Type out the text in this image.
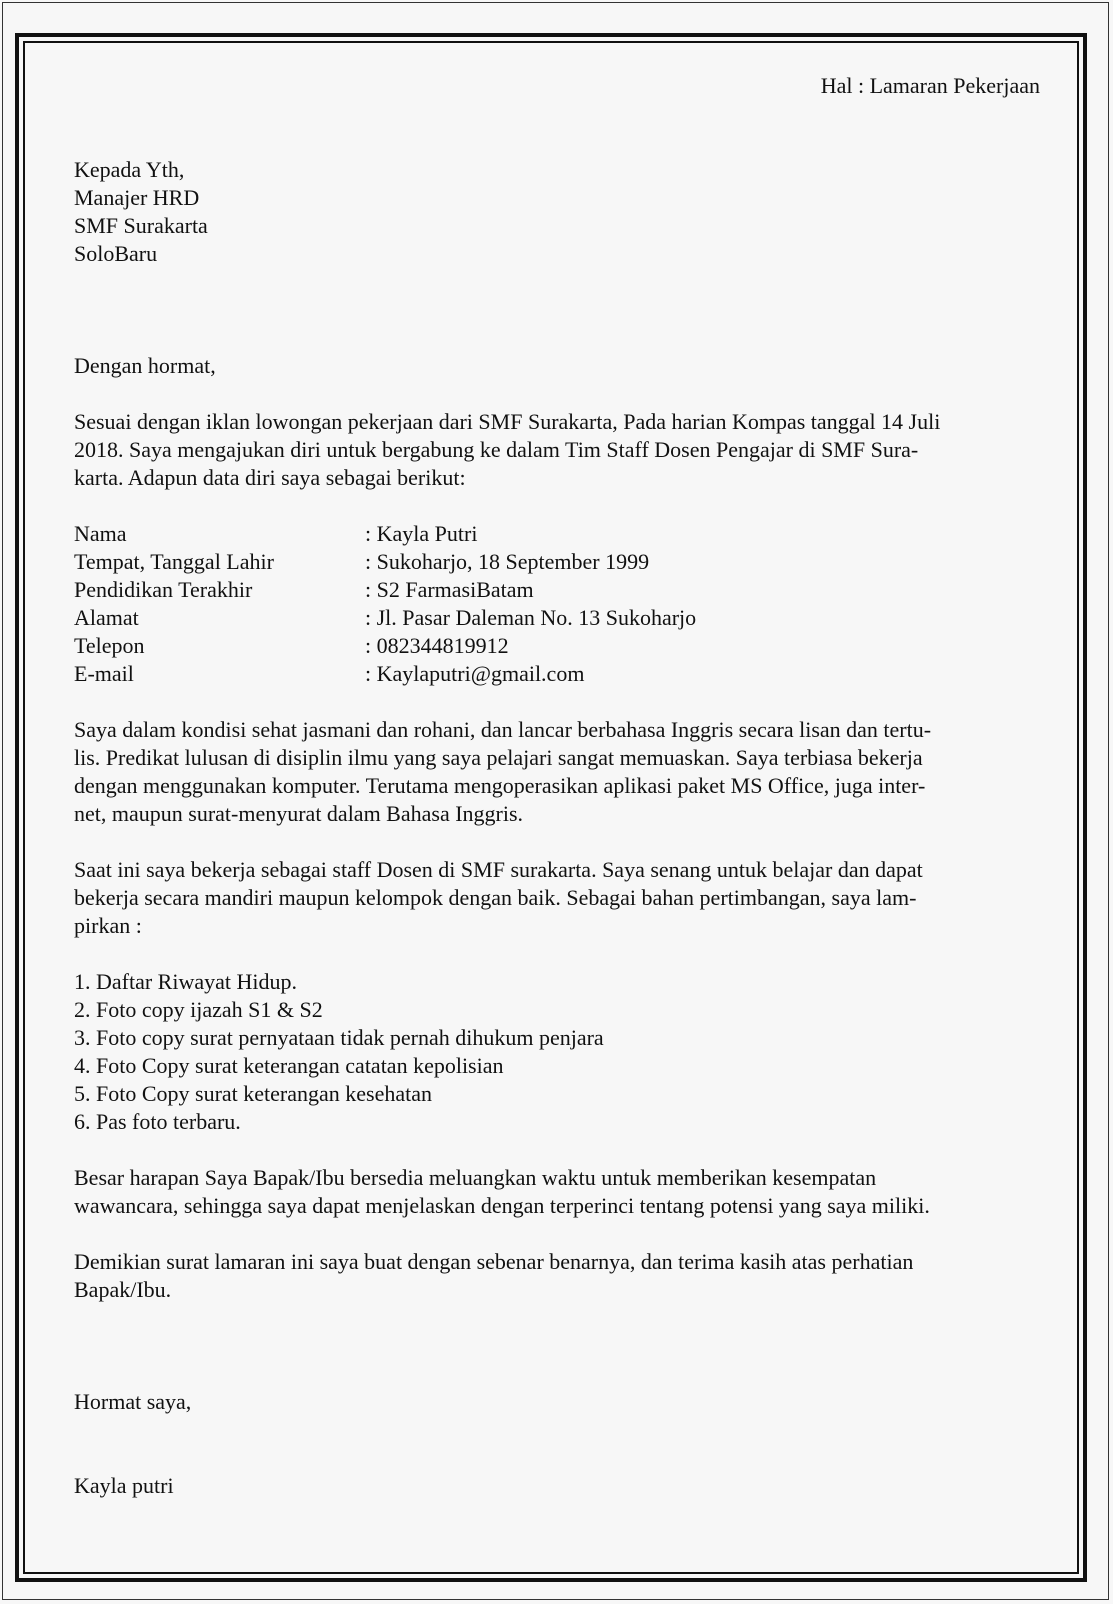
Hal : Lamaran Pekerjaan
Kepada Yth,
Manajer HRD
SMF Surakarta
SoloBaru
Dengan hormat,
Sesuai dengan iklan lowongan pekerjaan dari SMF Surakarta, Pada harian Kompas tanggal 14 Juli
2018. Saya mengajukan diri untuk bergabung ke dalam Tim Staff Dosen Pengajar di SMF Sura-
karta. Adapun data diri saya sebagai berikut:
Nama	: Kayla Putri
Tempat, Tanggal Lahir	: Sukoharjo, 18 September 1999
Pendidikan Terakhir	: S2 FarmasiBatam
Alamat	: Jl. Pasar Daleman No. 13 Sukoharjo
Telepon	: 082344819912
E-mail	: Kaylaputri@gmail.com
Saya dalam kondisi sehat jasmani dan rohani, dan lancar berbahasa Inggris secara lisan dan tertu-
lis. Predikat lulusan di disiplin ilmu yang saya pelajari sangat memuaskan. Saya terbiasa bekerja
dengan menggunakan komputer. Terutama mengoperasikan aplikasi paket MS Office, juga inter-
net, maupun surat-menyurat dalam Bahasa Inggris.
Saat ini saya bekerja sebagai staff Dosen di SMF surakarta. Saya senang untuk belajar dan dapat
bekerja secara mandiri maupun kelompok dengan baik. Sebagai bahan pertimbangan, saya lam-
pirkan :
1. Daftar Riwayat Hidup.
2. Foto copy ijazah S1 & S2
3. Foto copy surat pernyataan tidak pernah dihukum penjara
4. Foto Copy surat keterangan catatan kepolisian
5. Foto Copy surat keterangan kesehatan
6. Pas foto terbaru.
Besar harapan Saya Bapak/Ibu bersedia meluangkan waktu untuk memberikan kesempatan
wawancara, sehingga saya dapat menjelaskan dengan terperinci tentang potensi yang saya miliki.
Demikian surat lamaran ini saya buat dengan sebenar benarnya, dan terima kasih atas perhatian
Bapak/Ibu.
Hormat saya,
Kayla putri
